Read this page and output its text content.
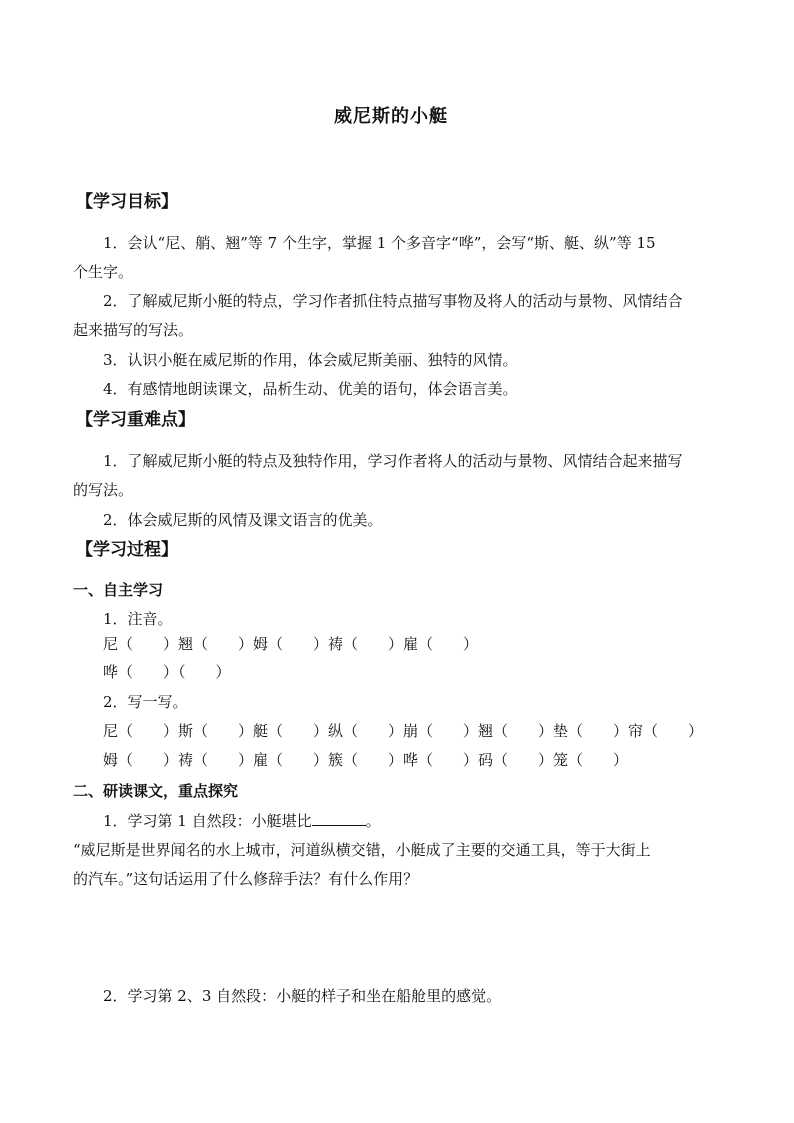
威尼斯的小艇
【学习目标】
1．会认“尼、艄、翘”等 7 个生字，掌握 1 个多音字“哗”，会写“斯、艇、纵”等 15
个生字。
2．了解威尼斯小艇的特点，学习作者抓住特点描写事物及将人的活动与景物、风情结合
起来描写的写法。
3．认识小艇在威尼斯的作用，体会威尼斯美丽、独特的风情。
4．有感情地朗读课文，品析生动、优美的语句，体会语言美。
【学习重难点】
1．了解威尼斯小艇的特点及独特作用，学习作者将人的活动与景物、风情结合起来描写
的写法。
2．体会威尼斯的风情及课文语言的优美。
【学习过程】
一、自主学习
1．注音。
尼（　　）翘（　　）姆（　　）祷（　　）雇（　　）
哗（　　）（　　）
2．写一写。
尼（　　）斯（　　）艇（　　）纵（　　）崩（　　）翘（　　）垫（　　）帘（　　）
姆（　　）祷（　　）雇（　　）簇（　　）哗（　　）码（　　）笼（　　）
二、研读课文，重点探究
1．学习第 1 自然段：小艇堪比	。
“威尼斯是世界闻名的水上城市，河道纵横交错，小艇成了主要的交通工具，等于大街上
的汽车。”这句话运用了什么修辞手法？有什么作用？
2．学习第 2、3 自然段：小艇的样子和坐在船舱里的感觉。
